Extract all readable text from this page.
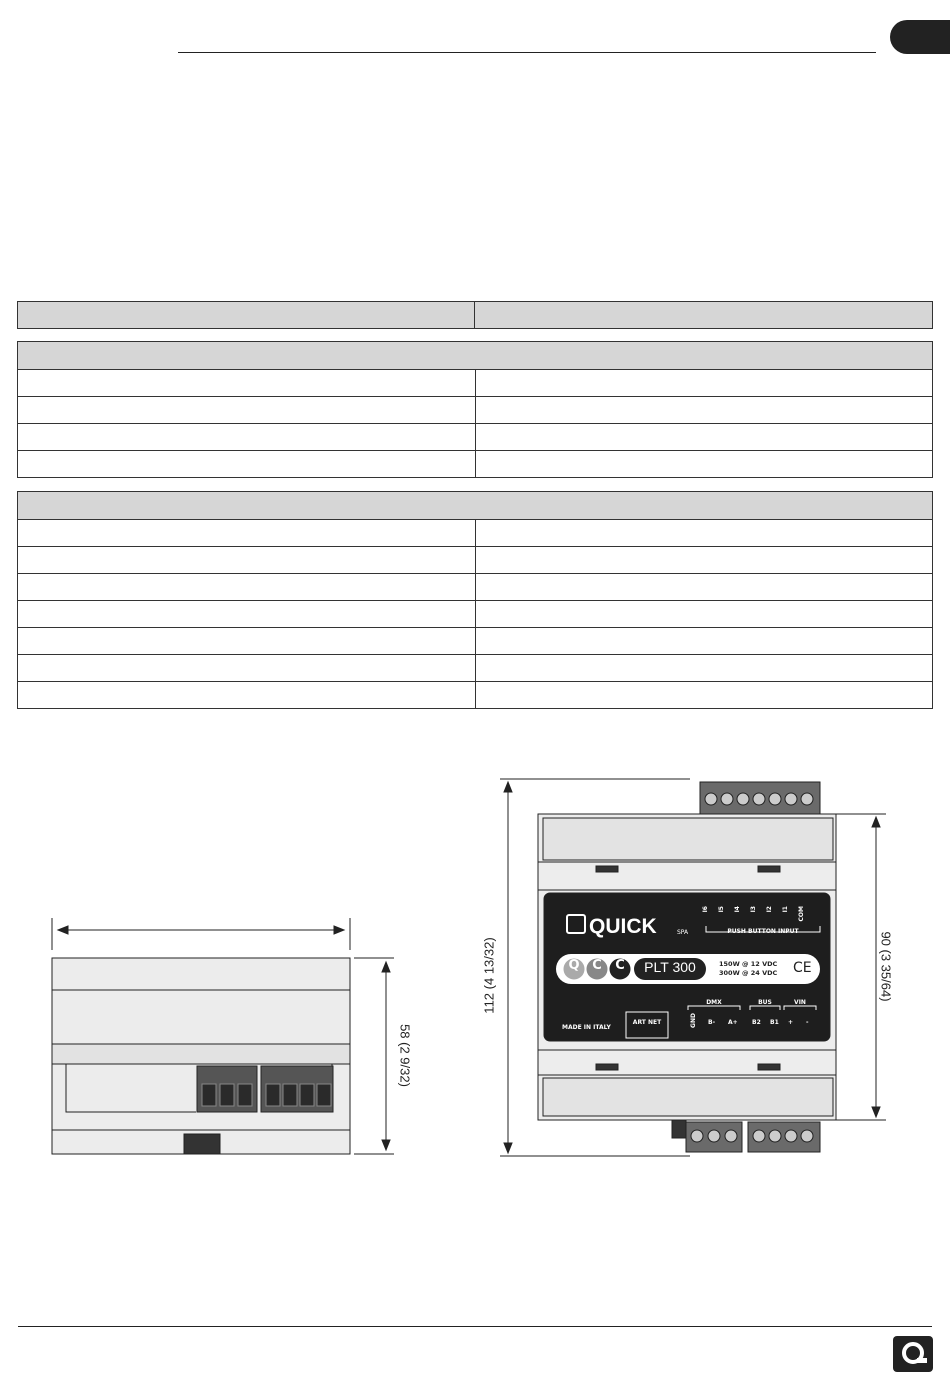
58 (2 9/32)
QUICK	SPA
I6 I5 I4 I3 I2 I1 COM
PUSH BUTTON INPUT
Q C C	PLT 300	150W @ 12 VDC
300W @ 24 VDC CE
DMX	BUS	VIN
MADE IN ITALY
ART NET	GND B- A+ B2 B1 + -
112 (4 13/32)	90 (3 35/64)
